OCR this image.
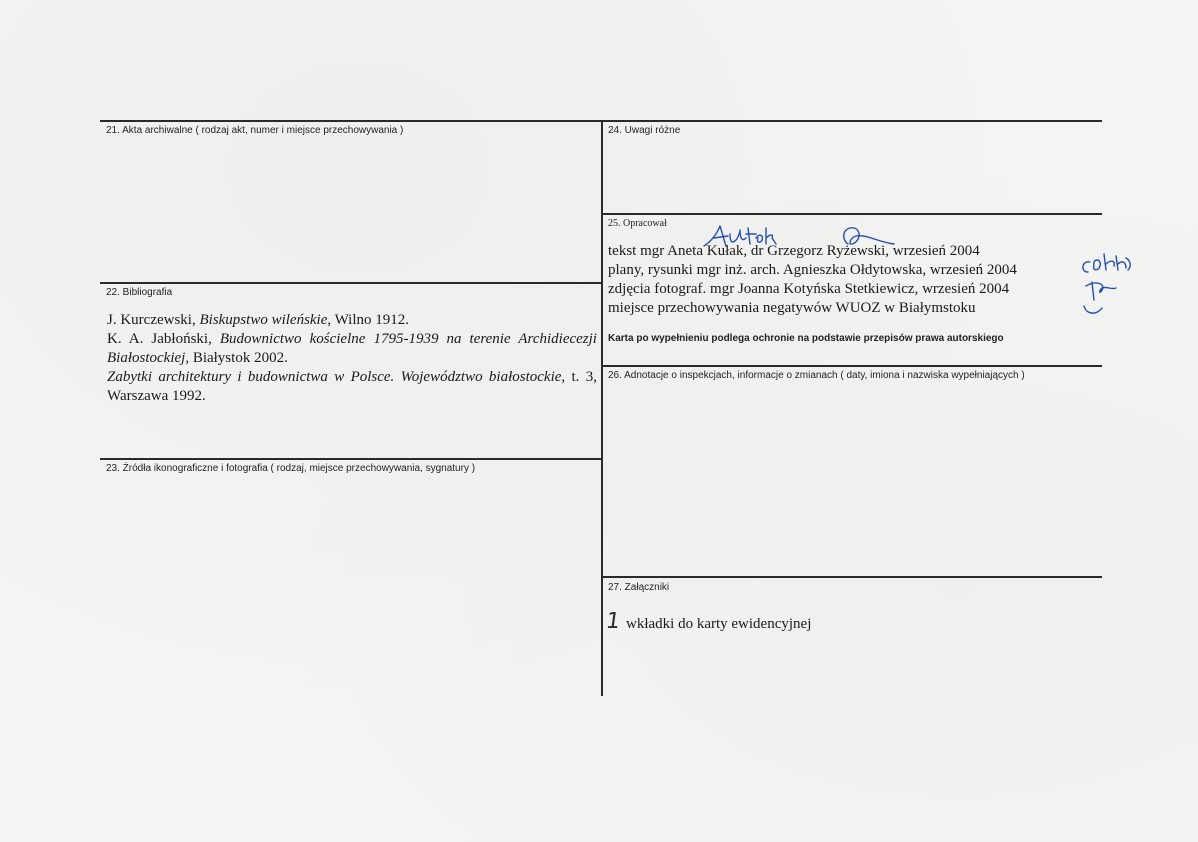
21. Akta archiwalne ( rodzaj akt, numer i miejsce przechowywania )
22. Bibliografia
23. Źródła ikonograficzne i fotografia ( rodzaj, miejsce przechowywania, sygnatury )
24. Uwagi różne
25. Opracował
26. Adnotacje o inspekcjach, informacje o zmianach ( daty, imiona i nazwiska wypełniających )
27. Załączniki

J. Kurczewski, Biskupstwo wileńskie, Wilno 1912.

K. A. Jabłoński, Budownictwo kościelne 1795-1939 na terenie Archidiecezji Białostockiej, Białystok 2002.

Zabytki architektury i budownictwa w Polsce. Województwo białostockie, t. 3, Warszawa 1992.

tekst mgr Aneta Kułak, dr Grzegorz Ryżewski, wrzesień 2004
plany, rysunki mgr inż. arch. Agnieszka Ołdytowska, wrzesień 2004
zdjęcia fotograf. mgr Joanna Kotyńska Stetkiewicz, wrzesień 2004
miejsce przechowywania negatywów WUOZ w Białymstoku
Karta po wypełnieniu podlega ochronie na podstawie przepisów prawa autorskiego
1 wkładki do karty ewidencyjnej
